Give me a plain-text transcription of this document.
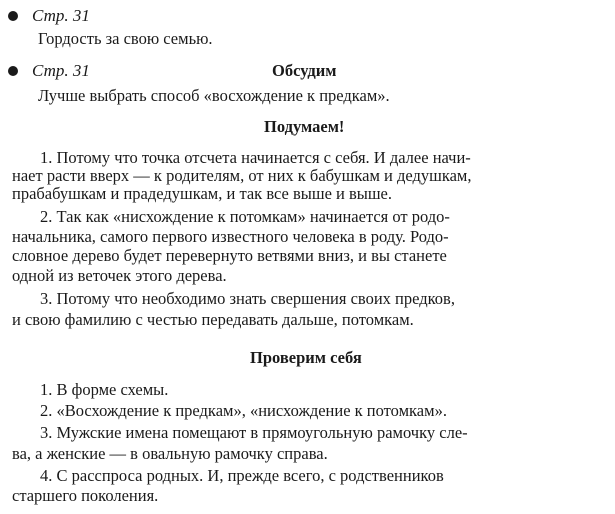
Стр. 31
Гордость за свою семью.
Стр. 31	Обсудим
Лучше выбрать способ «восхождение к предкам».
Подумаем!
1. Потому что точка отсчета начинается с себя. И далее начи-
нает расти вверх — к родителям, от них к бабушкам и дедушкам,
прабабушкам и прадедушкам, и так все выше и выше.
2. Так как «нисхождение к потомкам» начинается от родо-
начальника, самого первого известного человека в роду. Родо-
словное дерево будет перевернуто ветвями вниз, и вы станете
одной из веточек этого дерева.
3. Потому что необходимо знать свершения своих предков,
и свою фамилию с честью передавать дальше, потомкам.
Проверим себя
1. В форме схемы.
2. «Восхождение к предкам», «нисхождение к потомкам».
3. Мужские имена помещают в прямоугольную рамочку сле-
ва, а женские — в овальную рамочку справа.
4. С расспроса родных. И, прежде всего, с родственников
старшего поколения.
